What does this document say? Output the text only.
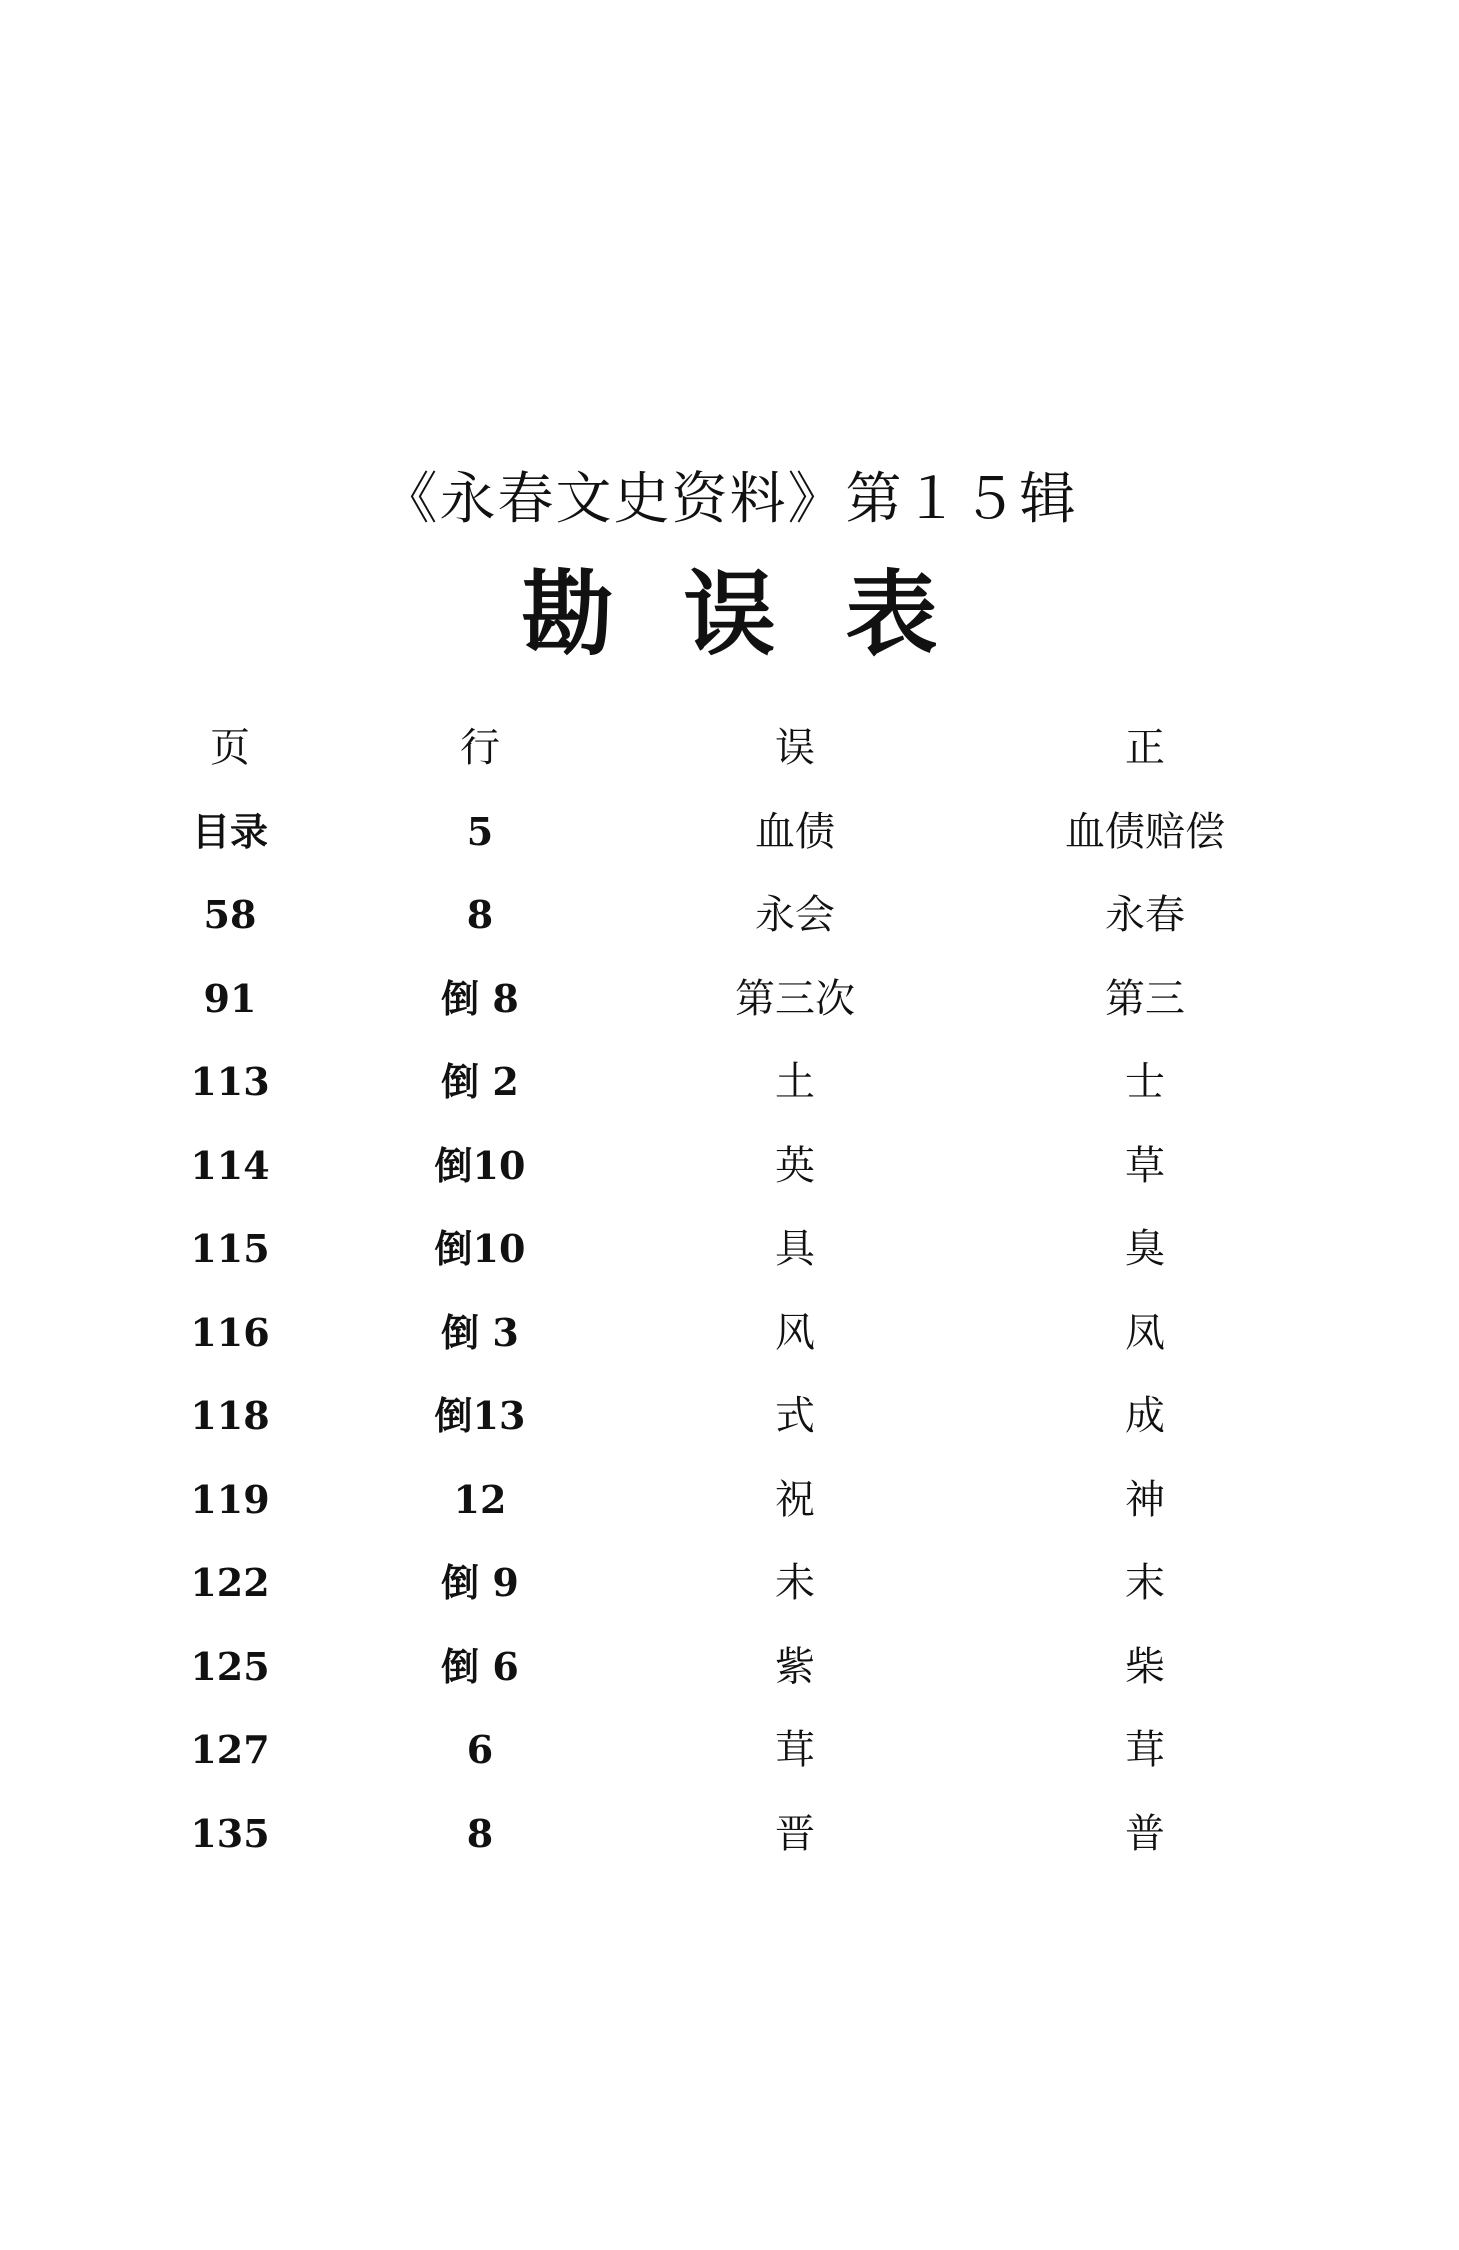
《永春文史资料》第１５辑
勘误表
页	行	误	正
目录	5	血债	血债赔偿
58	8	永会	永春
91	倒 8	第三次	第三
113	倒 2	土	士
114	倒10	英	草
115	倒10	具	臭
116	倒 3	风	凤
118	倒13	式	成
119	12	祝	神
122	倒 9	未	末
125	倒 6	紫	柴
127	6	茸	茸
135	8	晋	普
